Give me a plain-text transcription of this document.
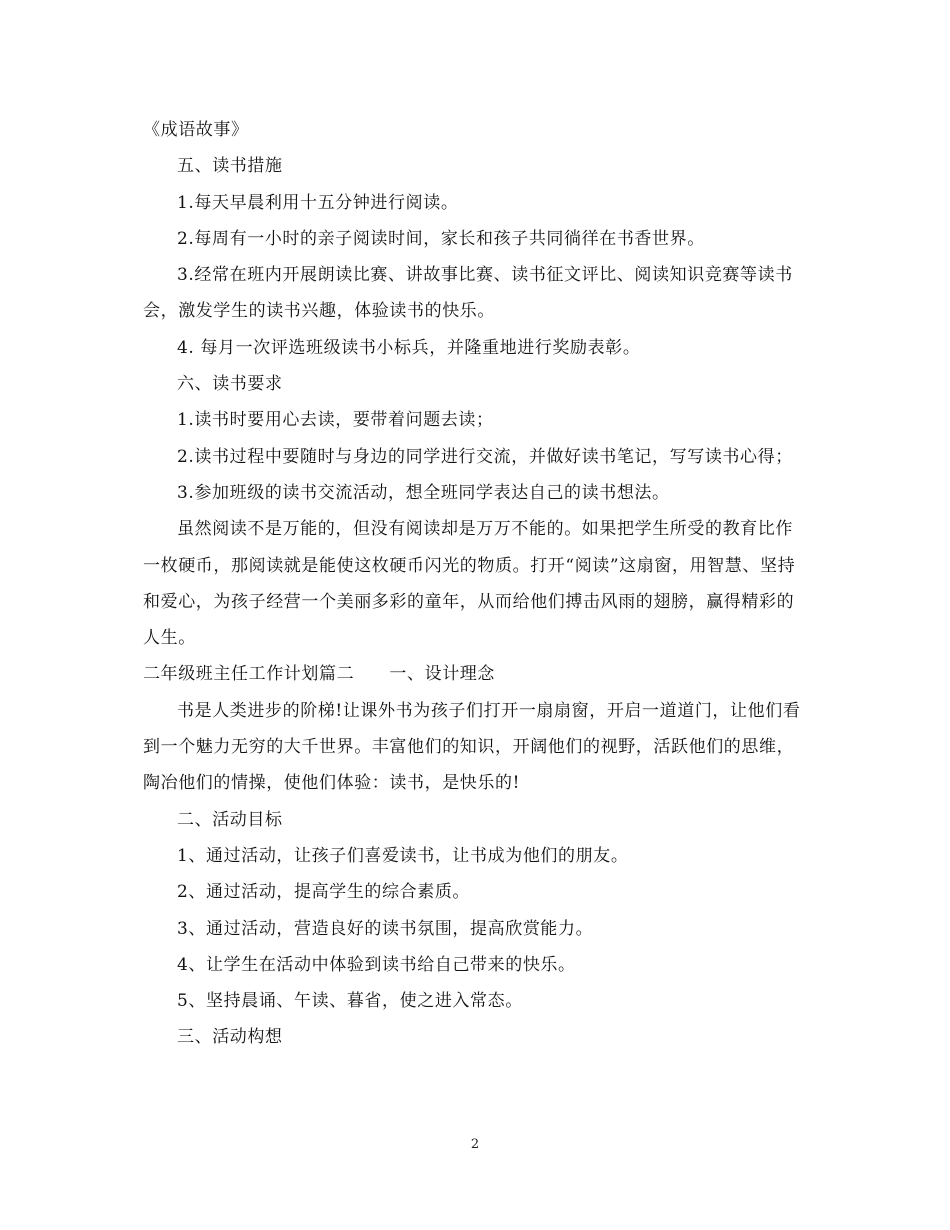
《成语故事》

五、读书措施

1.每天早晨利用十五分钟进行阅读。

2.每周有一小时的亲子阅读时间，家长和孩子共同徜徉在书香世界。

3.经常在班内开展朗读比赛、讲故事比赛、读书征文评比、阅读知识竞赛等读书会，激发学生的读书兴趣，体验读书的快乐。

4. 每月一次评选班级读书小标兵，并隆重地进行奖励表彰。

六、读书要求

1.读书时要用心去读，要带着问题去读；

2.读书过程中要随时与身边的同学进行交流，并做好读书笔记，写写读书心得；

3.参加班级的读书交流活动，想全班同学表达自己的读书想法。

虽然阅读不是万能的，但没有阅读却是万万不能的。如果把学生所受的教育比作一枚硬币，那阅读就是能使这枚硬币闪光的物质。打开“阅读”这扇窗，用智慧、坚持和爱心，为孩子经营一个美丽多彩的童年，从而给他们搏击风雨的翅膀，赢得精彩的人生。

二年级班主任工作计划篇二　　一、设计理念

书是人类进步的阶梯!让课外书为孩子们打开一扇扇窗，开启一道道门，让他们看到一个魅力无穷的大千世界。丰富他们的知识，开阔他们的视野，活跃他们的思维，陶冶他们的情操，使他们体验：读书，是快乐的!

二、活动目标

1、通过活动，让孩子们喜爱读书，让书成为他们的朋友。

2、通过活动，提高学生的综合素质。

3、通过活动，营造良好的读书氛围，提高欣赏能力。

4、让学生在活动中体验到读书给自己带来的快乐。

5、坚持晨诵、午读、暮省，使之进入常态。

三、活动构想

2
